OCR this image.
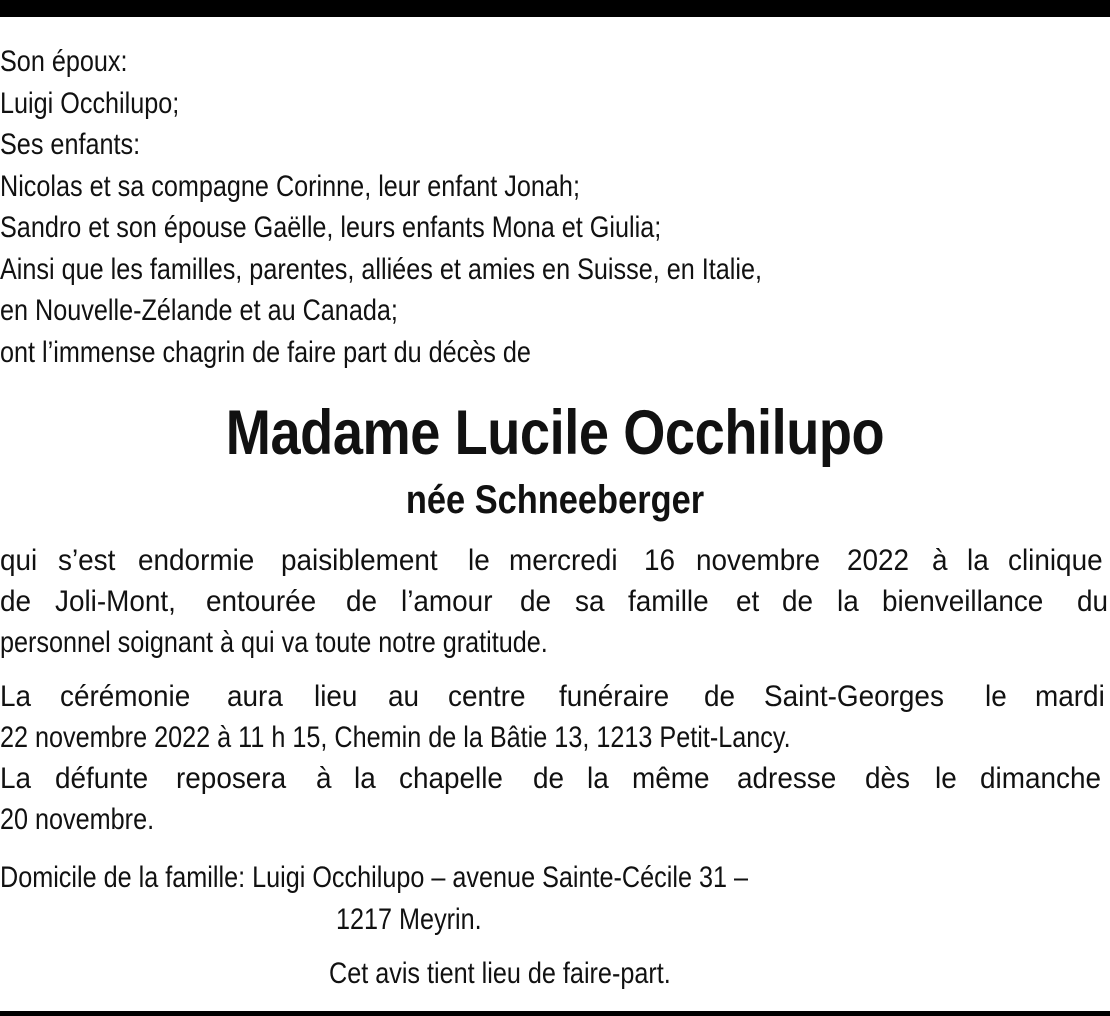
Son époux:
Luigi Occhilupo;
Ses enfants:
Nicolas et sa compagne Corinne, leur enfant Jonah;
Sandro et son épouse Gaëlle, leurs enfants Mona et Giulia;
Ainsi que les familles, parentes, alliées et amies en Suisse, en Italie,
en Nouvelle-Zélande et au Canada;
ont l’immense chagrin de faire part du décès de
Madame Lucile Occhilupo
née Schneeberger
qui s’est endormie paisiblement le mercredi 16 novembre 2022 à la clinique
de Joli-Mont, entourée de l’amour de sa famille et de la bienveillance du
personnel soignant à qui va toute notre gratitude.
La cérémonie aura lieu au centre funéraire de Saint-Georges le mardi
22 novembre 2022 à 11 h 15, Chemin de la Bâtie 13, 1213 Petit-Lancy.
La défunte reposera à la chapelle de la même adresse dès le dimanche
20 novembre.
Domicile de la famille: Luigi Occhilupo – avenue Sainte-Cécile 31 –
1217 Meyrin.
Cet avis tient lieu de faire-part.
